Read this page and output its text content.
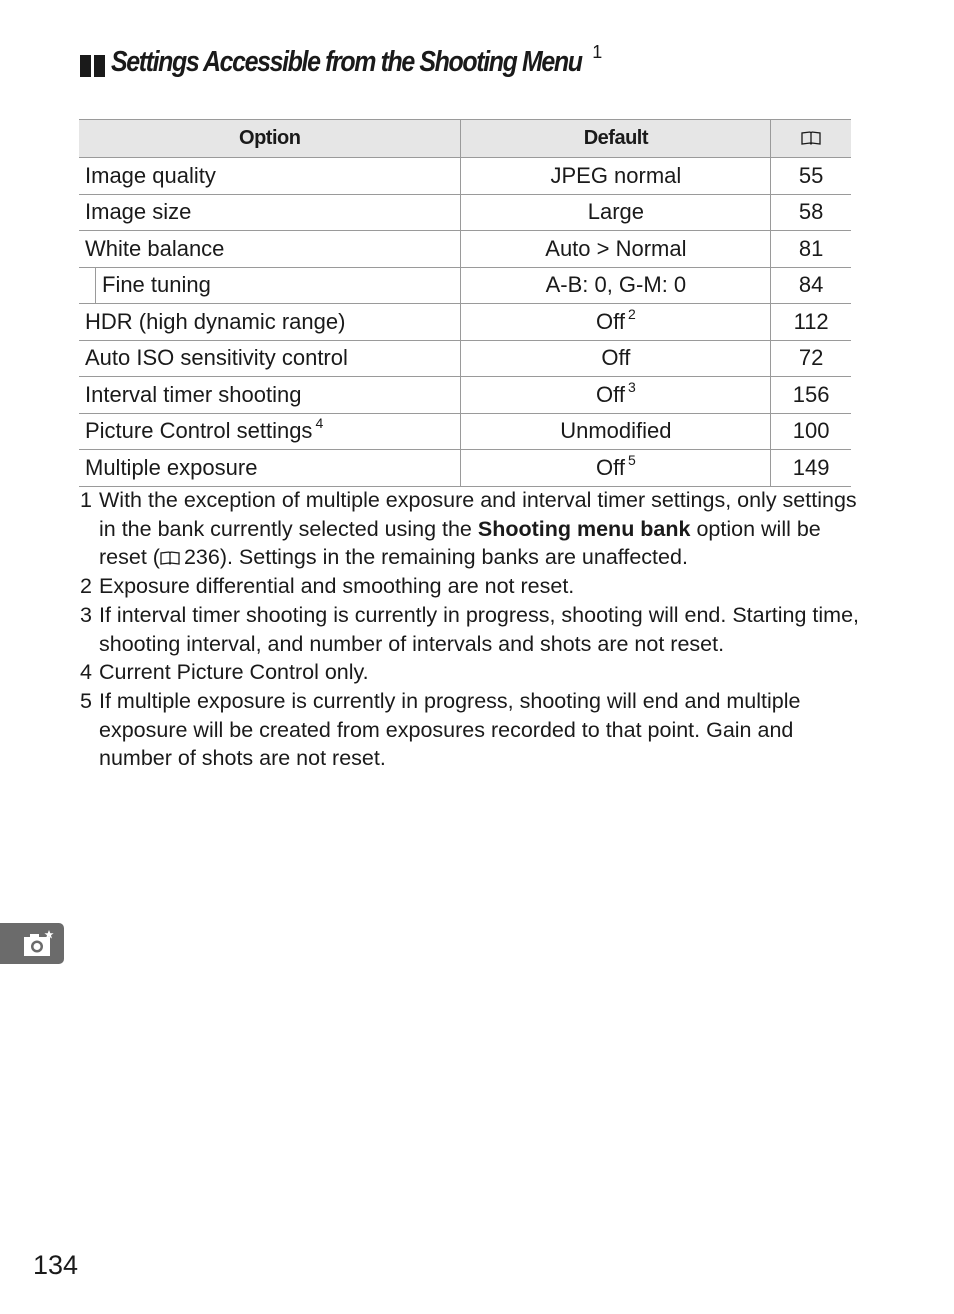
Settings Accessible from the Shooting Menu $^1$
Option	Default	
Image quality	JPEG normal	55
Image size	Large	58
White balance	Auto > Normal	81

Fine tuning	A-B: 0, G-M: 0	84
HDR (high dynamic range)	Off $^2$	112
Auto ISO sensitivity control	Off	72
Interval timer shooting	Off $^3$	156
Picture Control settings $^4$	Unmodified	100
Multiple exposure	Off $^5$	149
1 With the exception of multiple exposure and interval timer settings, only settings in the bank currently selected using the Shooting menu bank option will be reset ( 236). Settings in the remaining banks are unaffected.
2 Exposure differential and smoothing are not reset.
3 If interval timer shooting is currently in progress, shooting will end. Starting time, shooting interval, and number of intervals and shots are not reset.
4 Current Picture Control only.
5 If multiple exposure is currently in progress, shooting will end and multiple exposure will be created from exposures recorded to that point. Gain and number of shots are not reset.
134
